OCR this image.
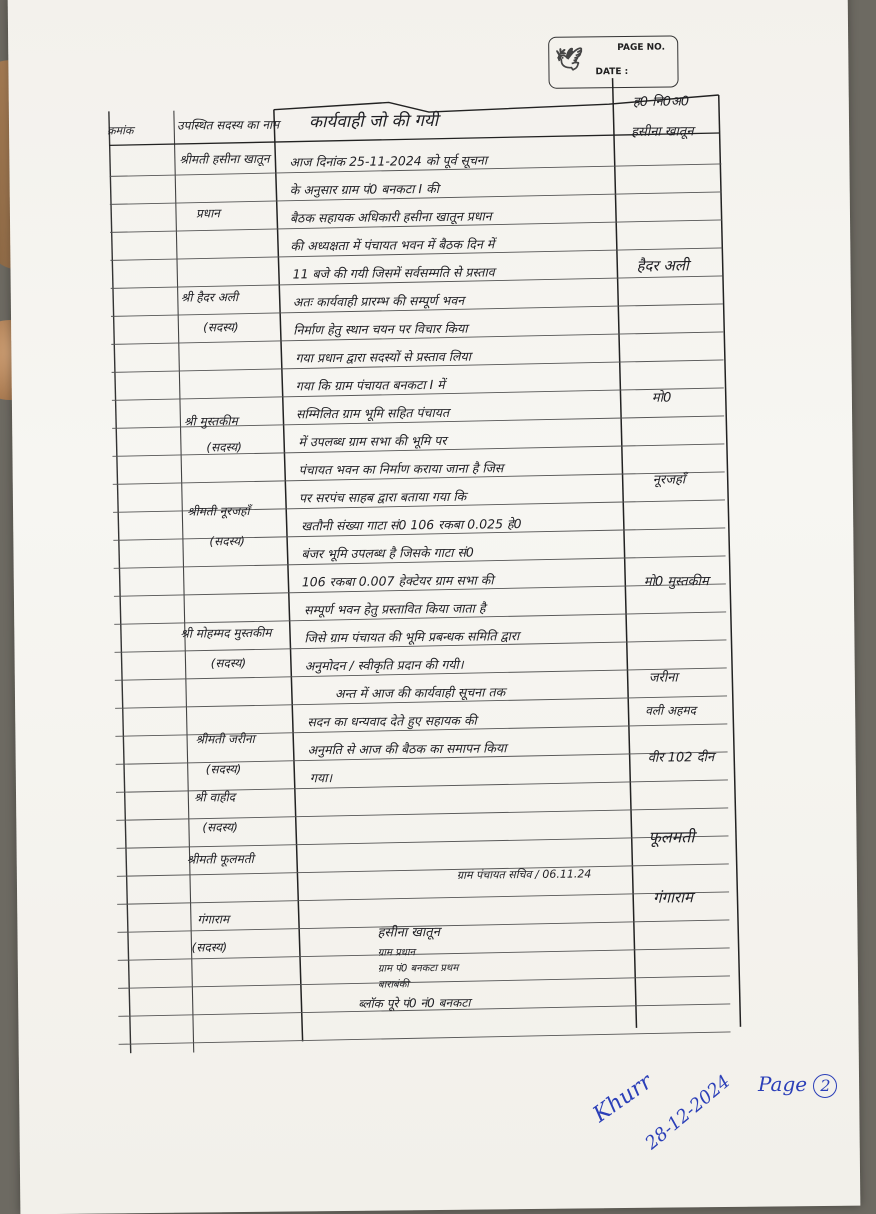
🕊	PAGE NO.
DATE :
क्रमांक	उपस्थित सदस्य का नाम कार्यवाही जो की गयी
ह0 नि0अ0
श्रीमती हसीना खातून
प्रधान
श्री हैदर अली
(सदस्य)
श्री मुस्तकीम
(सदस्य)
श्रीमती नूरजहाँ
(सदस्य)
श्री मोहम्मद मुस्तकीम
(सदस्य)
श्रीमती जरीना
(सदस्य)
श्री वाहीद
(सदस्य)
श्रीमती फूलमती
गंगाराम
(सदस्य)
आज दिनांक 25-11-2024 को पूर्व सूचना
के अनुसार ग्राम पं0 बनकटा I की
बैठक सहायक अधिकारी हसीना खातून प्रधान
की अध्यक्षता में पंचायत भवन में बैठक दिन में
11 बजे की गयी जिसमें सर्वसम्मति से प्रस्ताव
अतः कार्यवाही प्रारम्भ की सम्पूर्ण भवन
निर्माण हेतु स्थान चयन पर विचार किया
गया प्रधान द्वारा सदस्यों से प्रस्ताव लिया
गया कि ग्राम पंचायत बनकटा I में
सम्मिलित ग्राम भूमि सहित पंचायत
में उपलब्ध ग्राम सभा की भूमि पर
पंचायत भवन का निर्माण कराया जाना है जिस
पर सरपंच साहब द्वारा बताया गया कि
खतौनी संख्या गाटा सं0 106 रकबा 0.025 हे0
बंजर भूमि उपलब्ध है जिसके गाटा सं0
106 रकबा 0.007 हेक्टेयर ग्राम सभा की
सम्पूर्ण भवन हेतु प्रस्तावित किया जाता है
जिसे ग्राम पंचायत की भूमि प्रबन्धक समिति द्वारा
अनुमोदन / स्वीकृति प्रदान की गयी।
अन्त में आज की कार्यवाही सूचना तक
सदन का धन्यवाद देते हुए सहायक की
अनुमति से आज की बैठक का समापन किया
गया।
हसीना खातून
हैदर अली
मो0
नूरजहाँ
मो0 मुस्तकीम
जरीना
वली अहमद
वीर 102 दीन
फूलमती
गंगाराम
ग्राम पंचायत सचिव / 06.11.24
हसीना खातून
ग्राम प्रधान
ग्राम पं0 बनकटा प्रथम
बाराबंकी
ब्लॉक पूरे पं0 नं0 बनकटा
Khurr
28-12-2024 Page 2
